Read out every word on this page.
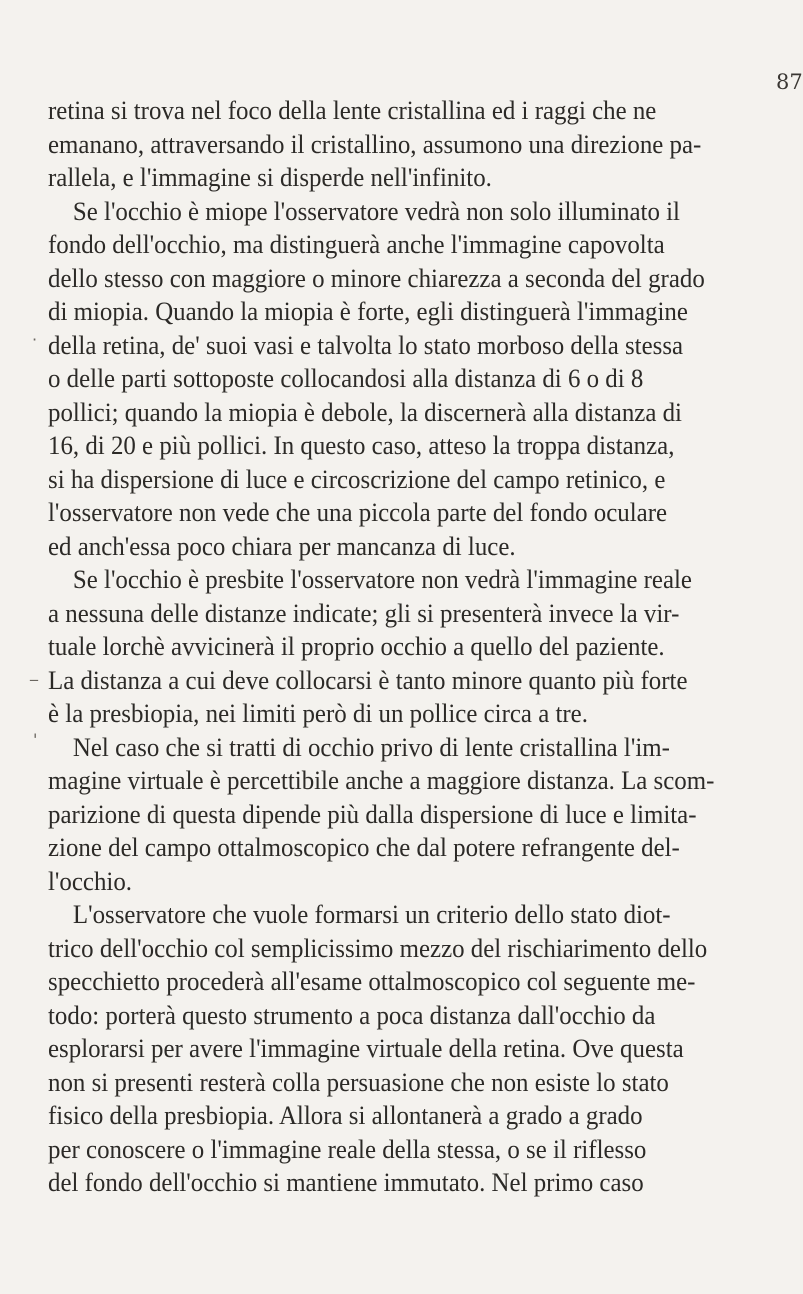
87
·
_
'
retina si trova nel foco della lente cristallina ed i raggi che ne
emanano, attraversando il cristallino, assumono una direzione pa-
rallela, e l'immagine si disperde nell'infinito.
 Se l'occhio è miope l'osservatore vedrà non solo illuminato il
fondo dell'occhio, ma distinguerà anche l'immagine capovolta
dello stesso con maggiore o minore chiarezza a seconda del grado
di miopia. Quando la miopia è forte, egli distinguerà l'immagine
della retina, de' suoi vasi e talvolta lo stato morboso della stessa
o delle parti sottoposte collocandosi alla distanza di 6 o di 8
pollici; quando la miopia è debole, la discernerà alla distanza di
16, di 20 e più pollici. In questo caso, atteso la troppa distanza,
si ha dispersione di luce e circoscrizione del campo retinico, e
l'osservatore non vede che una piccola parte del fondo oculare
ed anch'essa poco chiara per mancanza di luce.
 Se l'occhio è presbite l'osservatore non vedrà l'immagine reale
a nessuna delle distanze indicate; gli si presenterà invece la vir-
tuale lorchè avvicinerà il proprio occhio a quello del paziente.
La distanza a cui deve collocarsi è tanto minore quanto più forte
è la presbiopia, nei limiti però di un pollice circa a tre.
 Nel caso che si tratti di occhio privo di lente cristallina l'im-
magine virtuale è percettibile anche a maggiore distanza. La scom-
parizione di questa dipende più dalla dispersione di luce e limita-
zione del campo ottalmoscopico che dal potere refrangente del-
l'occhio.
 L'osservatore che vuole formarsi un criterio dello stato diot-
trico dell'occhio col semplicissimo mezzo del rischiarimento dello
specchietto procederà all'esame ottalmoscopico col seguente me-
todo: porterà questo strumento a poca distanza dall'occhio da
esplorarsi per avere l'immagine virtuale della retina. Ove questa
non si presenti resterà colla persuasione che non esiste lo stato
fisico della presbiopia. Allora si allontanerà a grado a grado
per conoscere o l'immagine reale della stessa, o se il riflesso
del fondo dell'occhio si mantiene immutato. Nel primo caso
